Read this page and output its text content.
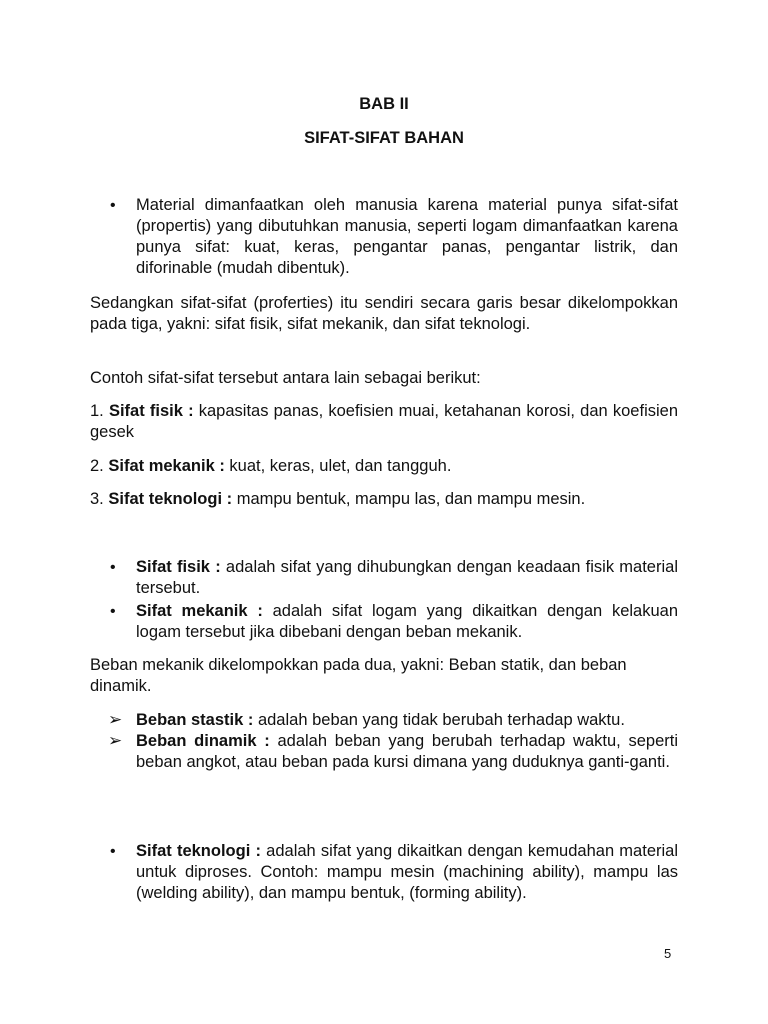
BAB II
SIFAT-SIFAT BAHAN

• Material dimanfaatkan oleh manusia karena material punya sifat-sifat (propertis) yang dibutuhkan manusia, seperti logam dimanfaatkan karena punya sifat: kuat, keras, pengantar panas, pengantar listrik, dan diforinable (mudah dibentuk).

Sedangkan sifat-sifat (proferties) itu sendiri secara garis besar dikelompokkan pada tiga, yakni: sifat fisik, sifat mekanik, dan sifat teknologi.

Contoh sifat-sifat tersebut antara lain sebagai berikut:

1. Sifat fisik : kapasitas panas, koefisien muai, ketahanan korosi, dan koefisien gesek

2. Sifat mekanik : kuat, keras, ulet, dan tangguh.

3. Sifat teknologi : mampu bentuk, mampu las, dan mampu mesin.

• Sifat fisik : adalah sifat yang dihubungkan dengan keadaan fisik material tersebut.

• Sifat mekanik : adalah sifat logam yang dikaitkan dengan kelakuan logam tersebut jika dibebani dengan beban mekanik.

Beban mekanik dikelompokkan pada dua, yakni: Beban statik, dan beban dinamik.

➢ Beban stastik : adalah beban yang tidak berubah terhadap waktu.

➢ Beban dinamik : adalah beban yang berubah terhadap waktu, seperti beban angkot, atau beban pada kursi dimana yang duduknya ganti-ganti.

• Sifat teknologi : adalah sifat yang dikaitkan dengan kemudahan material untuk diproses. Contoh: mampu mesin (machining ability), mampu las (welding ability), dan mampu bentuk, (forming ability).

5
